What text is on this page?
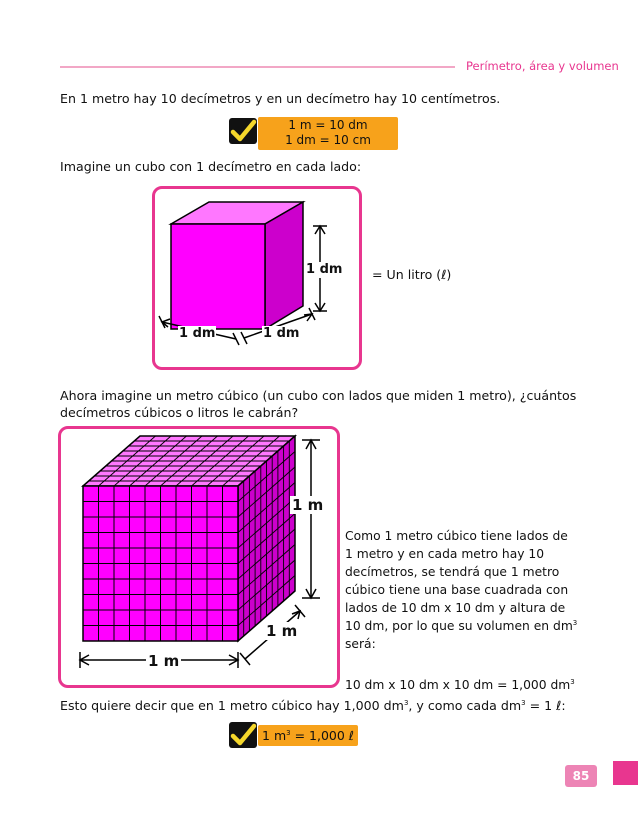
Perímetro, área y volumen
En 1 metro hay 10 decímetros y en un decímetro hay 10 centímetros.
1 m = 10 dm
1 dm = 10 cm
Imagine un cubo con 1 decímetro en cada lado:
1 dm
1 dm	1 dm
= Un litro (ℓ)
Ahora imagine un metro cúbico (un cubo con lados que miden 1 metro), ¿cuántos
decímetros cúbicos o litros le cabrán?
1 m
1 m
1 m
Como 1 metro cúbico tiene lados de
1 metro y en cada metro hay 10
decímetros, se tendrá que 1 metro
cúbico tiene una base cuadrada con
lados de 10 dm x 10 dm y altura de
10 dm, por lo que su volumen en $dm^3$
será:
10 dm x 10 dm x 10 dm = 1,000 $dm^3$
Esto quiere decir que en 1 metro cúbico hay 1,000 $dm^3$, y como cada $dm^3 = 1$ ℓ:
1 $m^3 = 1,000$ ℓ
85
